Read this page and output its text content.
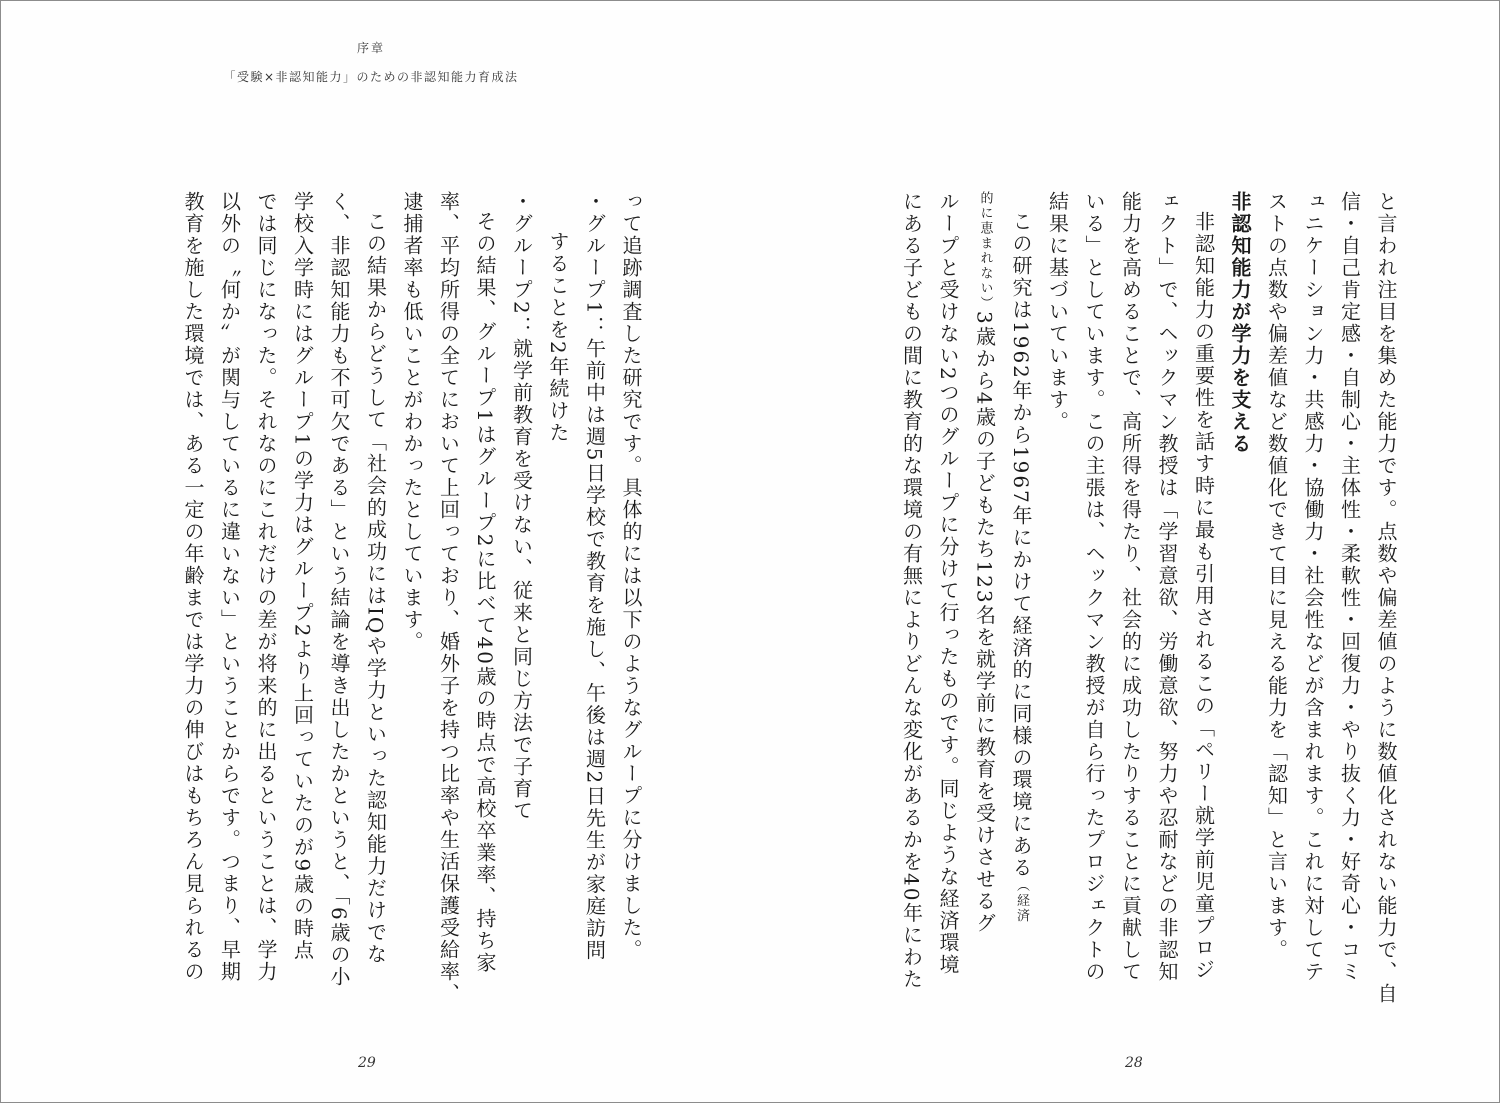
序章
「受験×非認知能力」のための非認知能力育成法

と言われ注目を集めた能力です。点数や偏差値のように数値化されない能力で、自

信・自己肯定感・自制心・主体性・柔軟性・回復力・やり抜く力・好奇心・コミ

ュニケーション力・共感力・協働力・社会性などが含まれます。これに対してテ

ストの点数や偏差値など数値化できて目に見える能力を「認知」と言います。

非認知能力が学力を支える

非認知能力の重要性を話す時に最も引用されるこの「ペリー就学前児童プロジ

ェクト」で、ヘックマン教授は「学習意欲、労働意欲、努力や忍耐などの非認知

能力を高めることで、高所得を得たり、社会的に成功したりすることに貢献して

いる」としています。この主張は、ヘックマン教授が自ら行ったプロジェクトの

結果に基づいています。

この研究は1962年から1967年にかけて経済的に同様の環境にある（経済

的に恵まれない）3歳から4歳の子どもたち123名を就学前に教育を受けさせるグ

ループと受けない2つのグループに分けて行ったものです。同じような経済環境

にある子どもの間に教育的な環境の有無によりどんな変化があるかを40年にわた

って追跡調査した研究です。具体的には以下のようなグループに分けました。

・グループ1：午前中は週5日学校で教育を施し、午後は週2日先生が家庭訪問

することを2年続けた

・グループ2：就学前教育を受けない、従来と同じ方法で子育て

その結果、グループ1はグループ2に比べて40歳の時点で高校卒業率、持ち家

率、平均所得の全てにおいて上回っており、婚外子を持つ比率や生活保護受給率、

逮捕者率も低いことがわかったとしています。

この結果からどうして「社会的成功にはIQや学力といった認知能力だけでな

く、非認知能力も不可欠である」という結論を導き出したかというと、「6歳の小

学校入学時にはグループ1の学力はグループ2より上回っていたのが9歳の時点

では同じになった。それなのにこれだけの差が将来的に出るということは、学力

以外の〝何か〟が関与しているに違いない」ということからです。つまり、早期

教育を施した環境では、ある一定の年齢までは学力の伸びはもちろん見られるの

29	28
